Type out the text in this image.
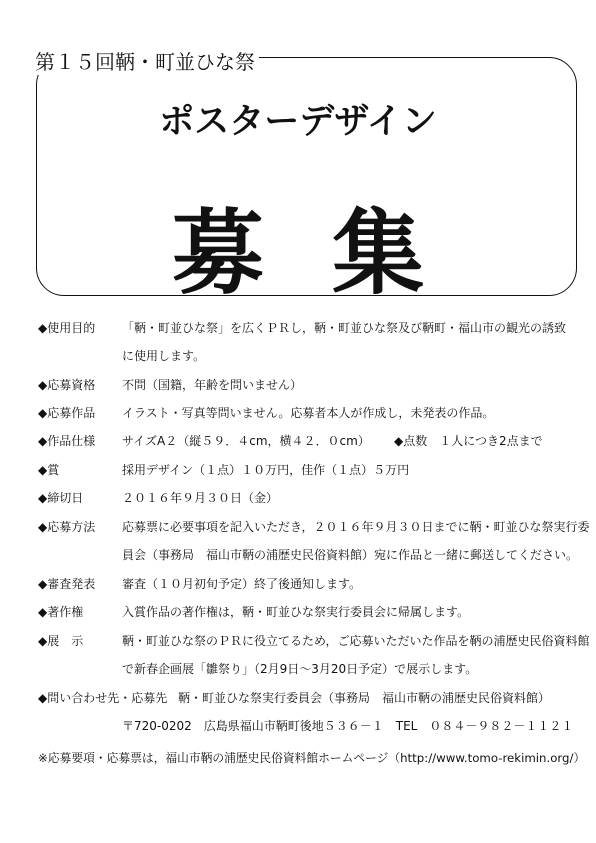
第１５回鞆・町並ひな祭
ポスターデザイン
募 集
◆使用目的 「鞆・町並ひな祭」を広くＰＲし，鞆・町並ひな祭及び鞆町・福山市の観光の誘致
に使用します。
◆応募資格 不問（国籍，年齢を問いません）
◆応募作品 イラスト・写真等問いません。応募者本人が作成し，未発表の作品。
◆作品仕様 サイズA２（縦５９．４cm，横４２．０cm） ◆点数　１人につき2点まで
◆賞	採用デザイン（１点）１０万円，佳作（１点）５万円
◆締切日	２０１６年９月３０日（金）
◆応募方法 応募票に必要事項を記入いただき，２０１６年９月３０日までに鞆・町並ひな祭実行委
員会（事務局　福山市鞆の浦歴史民俗資料館）宛に作品と一緒に郵送してください。
◆審査発表 審査（１０月初旬予定）終了後通知します。
◆著作権	入賞作品の著作権は，鞆・町並ひな祭実行委員会に帰属します。
◆展　示	鞆・町並ひな祭のＰＲに役立てるため，ご応募いただいた作品を鞆の浦歴史民俗資料館
で新春企画展「雛祭り」（2月9日～3月20日予定）で展示します。
◆問い合わせ先・応募先 鞆・町並ひな祭実行委員会（事務局　福山市鞆の浦歴史民俗資料館）
〒720-0202　広島県福山市鞆町後地５３６－１　TEL　０８４－９８２－１１２１
※応募要項・応募票は，福山市鞆の浦歴史民俗資料館ホームページ（http://www.tomo-rekimin.org/）
